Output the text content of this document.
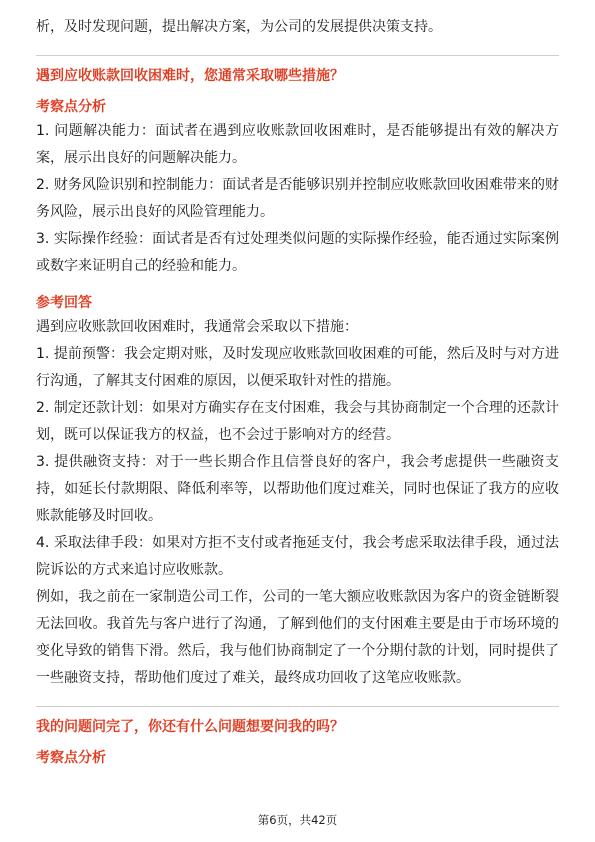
析，及时发现问题，提出解决方案，为公司的发展提供决策支持。

遇到应收账款回收困难时，您通常采取哪些措施？

考察点分析

1. 问题解决能力：面试者在遇到应收账款回收困难时，是否能够提出有效的解决方案，展示出良好的问题解决能力。

2. 财务风险识别和控制能力：面试者是否能够识别并控制应收账款回收困难带来的财务风险，展示出良好的风险管理能力。

3. 实际操作经验：面试者是否有过处理类似问题的实际操作经验，能否通过实际案例或数字来证明自己的经验和能力。

参考回答

遇到应收账款回收困难时，我通常会采取以下措施：

1. 提前预警：我会定期对账，及时发现应收账款回收困难的可能，然后及时与对方进行沟通，了解其支付困难的原因，以便采取针对性的措施。

2. 制定还款计划：如果对方确实存在支付困难，我会与其协商制定一个合理的还款计划，既可以保证我方的权益，也不会过于影响对方的经营。

3. 提供融资支持：对于一些长期合作且信誉良好的客户，我会考虑提供一些融资支持，如延长付款期限、降低利率等，以帮助他们度过难关，同时也保证了我方的应收账款能够及时回收。

4. 采取法律手段：如果对方拒不支付或者拖延支付，我会考虑采取法律手段，通过法院诉讼的方式来追讨应收账款。

例如，我之前在一家制造公司工作，公司的一笔大额应收账款因为客户的资金链断裂无法回收。我首先与客户进行了沟通，了解到他们的支付困难主要是由于市场环境的变化导致的销售下滑。然后，我与他们协商制定了一个分期付款的计划，同时提供了一些融资支持，帮助他们度过了难关，最终成功回收了这笔应收账款。

我的问题问完了，你还有什么问题想要问我的吗？

考察点分析

第6页，共42页
